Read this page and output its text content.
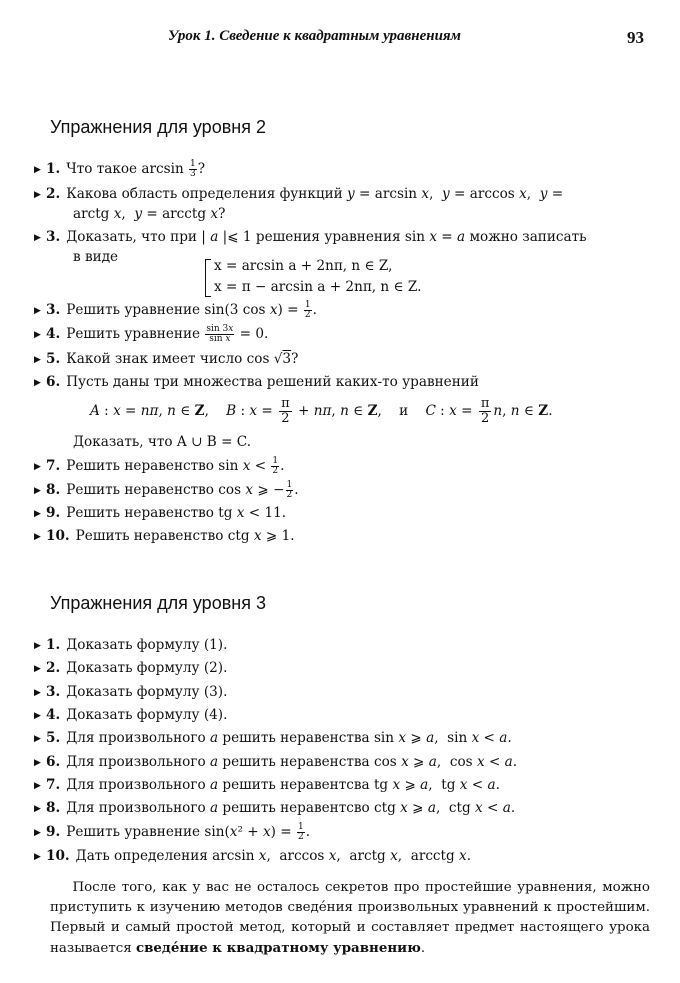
Урок 1. Сведение к квадратным уравнениям	93
Упражнения для уровня 2
▶ 1. Что такое $\arcsin \frac{1}{3}$ ?
▶ 2. Какова область определения функций y = arcsin x,  y = arccos x,  y =
arctg x,  y = arcctg x?
▶ 3. Доказать, что при | a |⩽ 1 решения уравнения sin x = a можно записать
в виде
x = arcsin a + 2nπ, n ∈ Z,
x = π − arcsin a + 2nπ, n ∈ Z.
▶ 3. Решить уравнение sin(3 $\cos x) = \frac{1}{2}$ .
▶ 4. Решить уравнение $\frac{\sin 3x}{\text{sin x}} = 0$.
▶ 5. Какой знак имеет число cos √3?
▶ 6. Пусть даны три множества решений каких-то уравнений
A : x = nπ, n ∈ Z,    B : $x = \frac{\pi}{2} + n\pi$, n ∈ Z,    и    C : $x = \frac{\pi}{2} n$, n ∈ Z.
Доказать, что A ∪ B = C.
▶ 7. Решить неравенство $\sin x < \frac{1}{2}$ .
▶ 8. Решить неравенство cos x ⩾ − $\frac{1}{2}$ .
▶ 9. Решить неравенство tg x < 11.
▶ 10. Решить неравенство ctg x ⩾ 1.
Упражнения для уровня 3
▶ 1. Доказать формулу (1).
▶ 2. Доказать формулу (2).
▶ 3. Доказать формулу (3).
▶ 4. Доказать формулу (4).
▶ 5. Для произвольного a решить неравенства sin x ⩾ a,  sin x < a.
▶ 6. Для произвольного a решить неравенства cos x ⩾ a,  cos x < a.
▶ 7. Для произвольного a решить неравентсва tg x ⩾ a,  tg x < a.
▶ 8. Для произвольного a решить неравентсво ctg x ⩾ a,  ctg x < a.
▶ 9. Решить уравнение $\sin(x^2 + x) = \frac{1}{2}$ .
▶ 10. Дать определения arcsin x,  arccos x,  arctg x,  arcctg x.

После того, как у вас не осталось секретов про простейшие уравнения, можно приступить к изучению методов сведéния произвольных уравнений к простейшим. Первый и самый простой метод, который и составляет предмет настоящего урока называется сведéние к квадратному уравнению.
